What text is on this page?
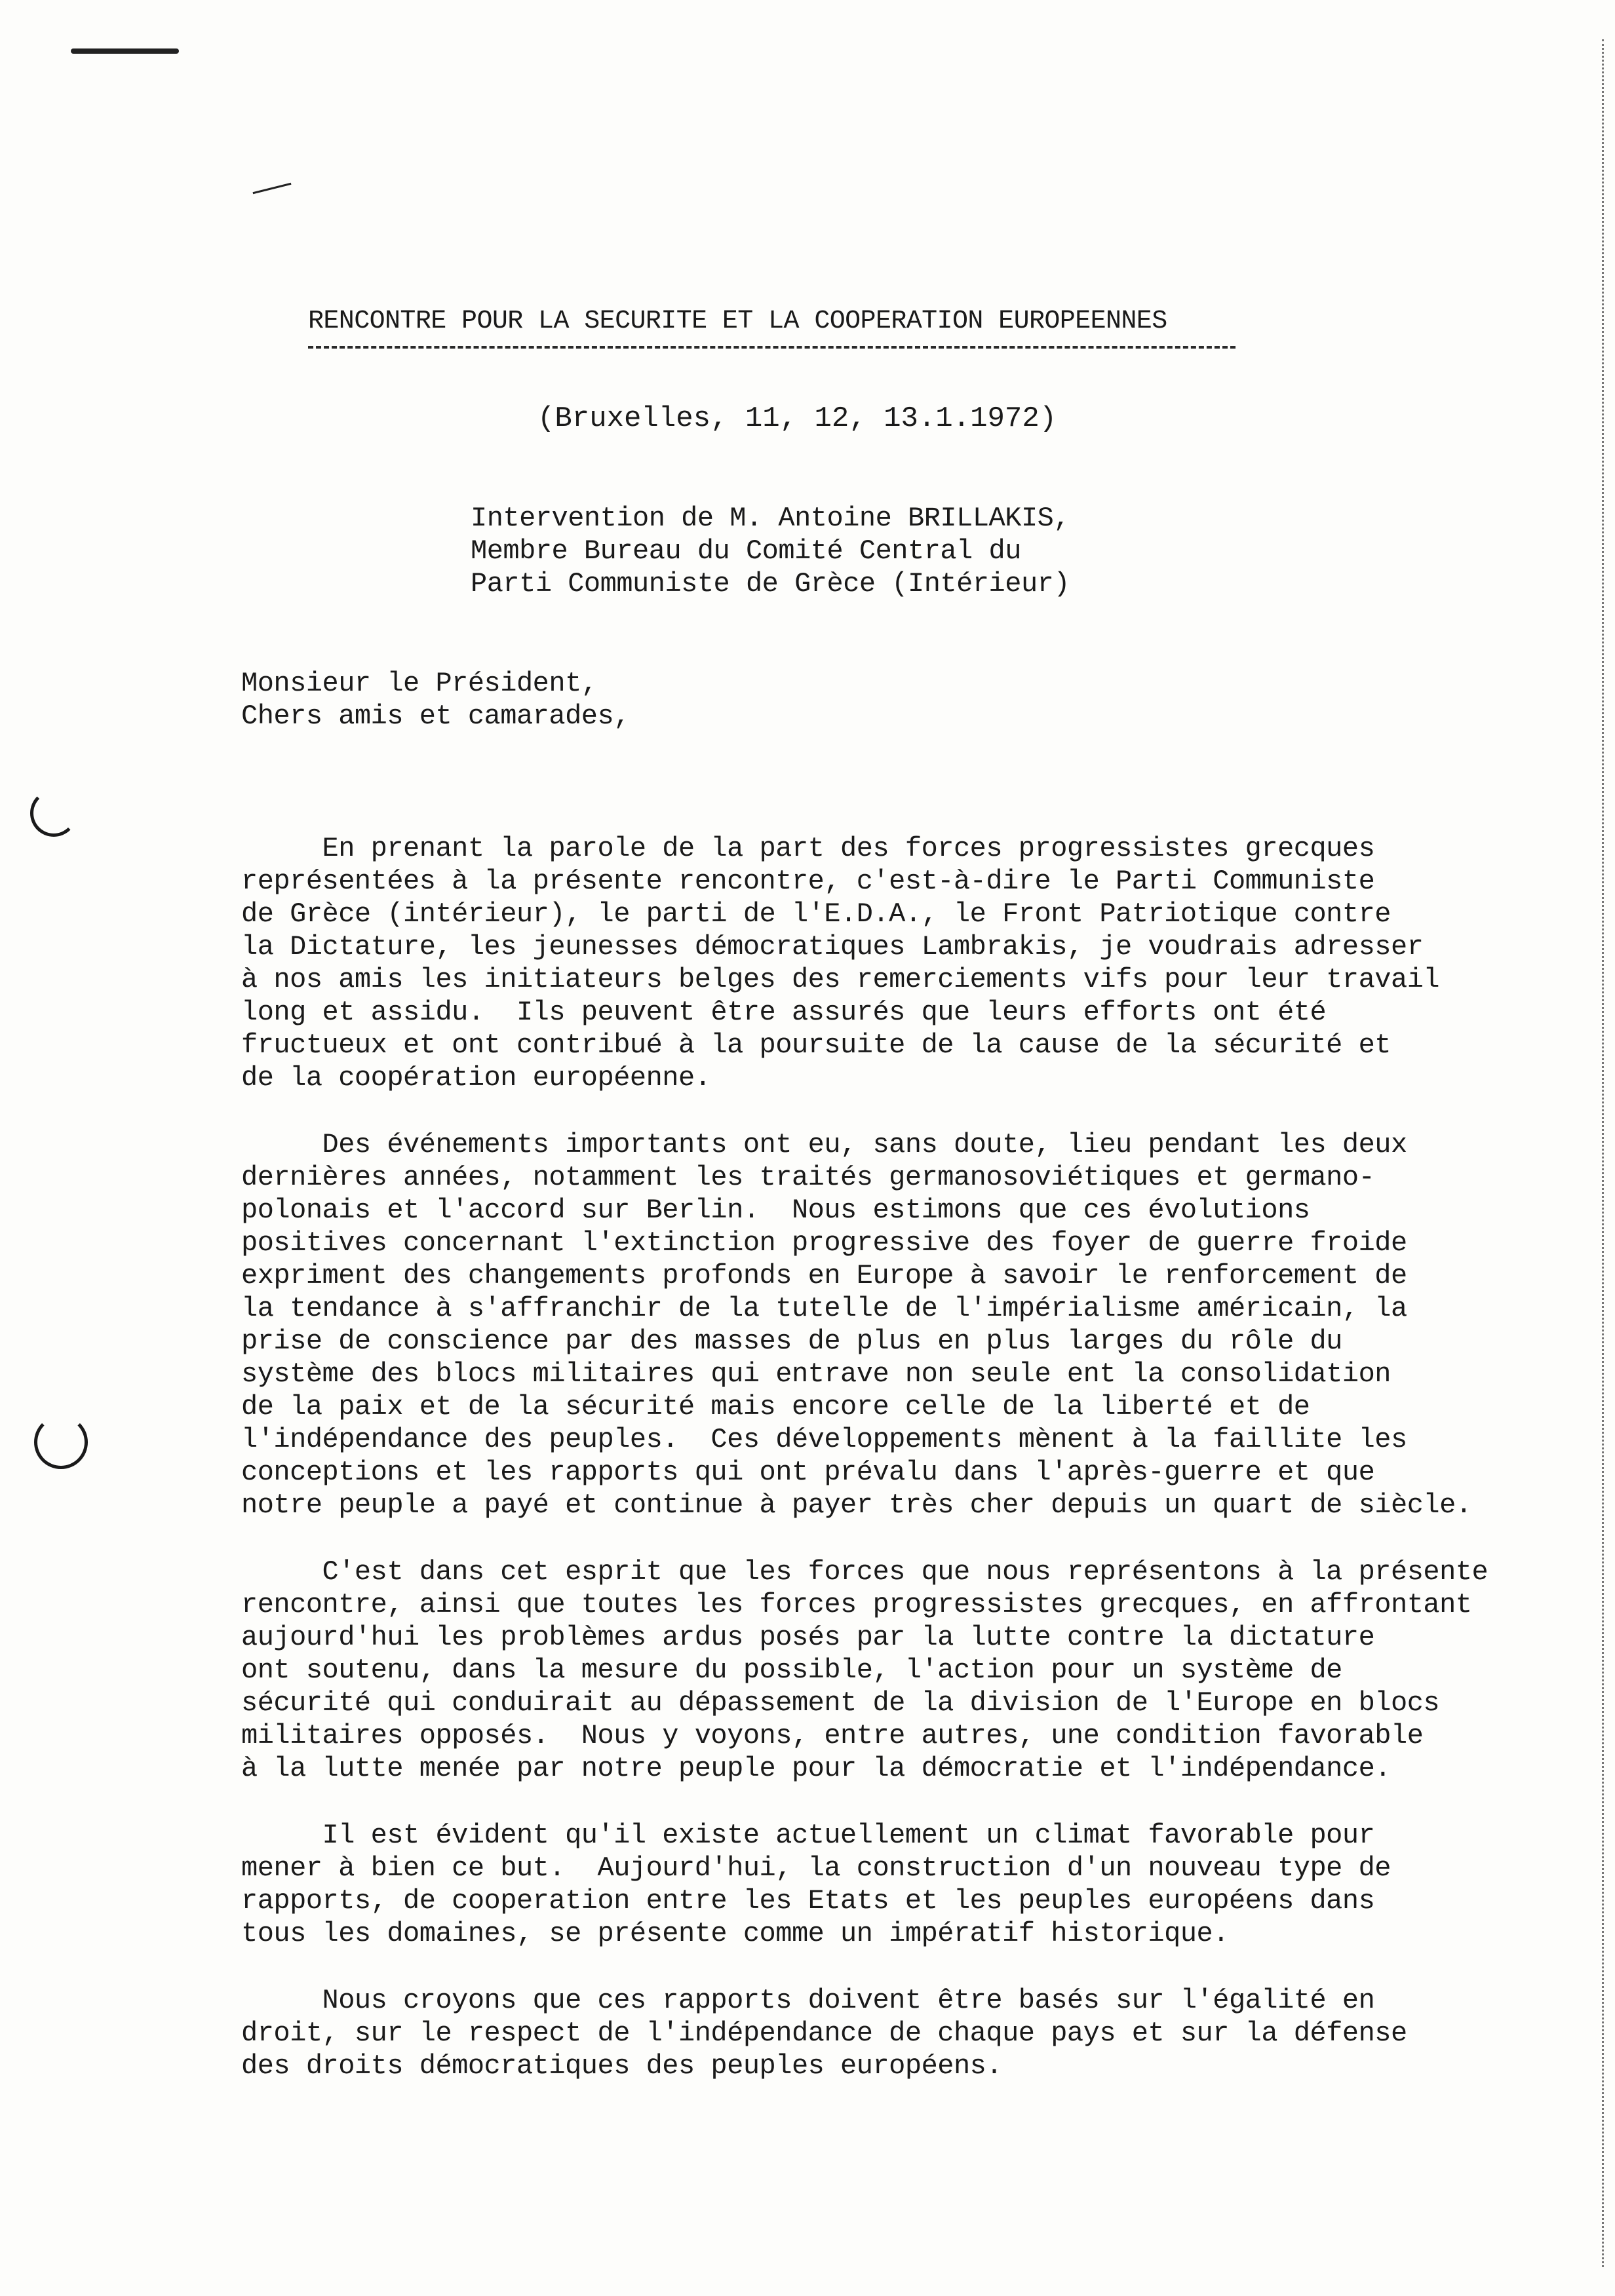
RENCONTRE POUR LA SECURITE ET LA COOPERATION EUROPEENNES
(Bruxelles, 11, 12, 13.1.1972)
Intervention de M. Antoine BRILLAKIS,
Membre Bureau du Comité Central du
Parti Communiste de Grèce (Intérieur)
Monsieur le Président,
Chers amis et camarades,
En prenant la parole de la part des forces progressistes grecques
représentées à la présente rencontre, c'est-à-dire le Parti Communiste
de Grèce (intérieur), le parti de l'E.D.A., le Front Patriotique contre
la Dictature, les jeunesses démocratiques Lambrakis, je voudrais adresser
à nos amis les initiateurs belges des remerciements vifs pour leur travail
long et assidu.  Ils peuvent être assurés que leurs efforts ont été
fructueux et ont contribué à la poursuite de la cause de la sécurité et
de la coopération européenne.
Des événements importants ont eu, sans doute, lieu pendant les deux
dernières années, notamment les traités germanosoviétiques et germano-
polonais et l'accord sur Berlin.  Nous estimons que ces évolutions
positives concernant l'extinction progressive des foyer de guerre froide
expriment des changements profonds en Europe à savoir le renforcement de
la tendance à s'affranchir de la tutelle de l'impérialisme américain, la
prise de conscience par des masses de plus en plus larges du rôle du
système des blocs militaires qui entrave non seule ent la consolidation
de la paix et de la sécurité mais encore celle de la liberté et de
l'indépendance des peuples.  Ces développements mènent à la faillite les
conceptions et les rapports qui ont prévalu dans l'après-guerre et que
notre peuple a payé et continue à payer très cher depuis un quart de siècle.
C'est dans cet esprit que les forces que nous représentons à la présente
rencontre, ainsi que toutes les forces progressistes grecques, en affrontant
aujourd'hui les problèmes ardus posés par la lutte contre la dictature
ont soutenu, dans la mesure du possible, l'action pour un système de
sécurité qui conduirait au dépassement de la division de l'Europe en blocs
militaires opposés.  Nous y voyons, entre autres, une condition favorable
à la lutte menée par notre peuple pour la démocratie et l'indépendance.
Il est évident qu'il existe actuellement un climat favorable pour
mener à bien ce but.  Aujourd'hui, la construction d'un nouveau type de
rapports, de cooperation entre les Etats et les peuples européens dans
tous les domaines, se présente comme un impératif historique.
Nous croyons que ces rapports doivent être basés sur l'égalité en
droit, sur le respect de l'indépendance de chaque pays et sur la défense
des droits démocratiques des peuples européens.
